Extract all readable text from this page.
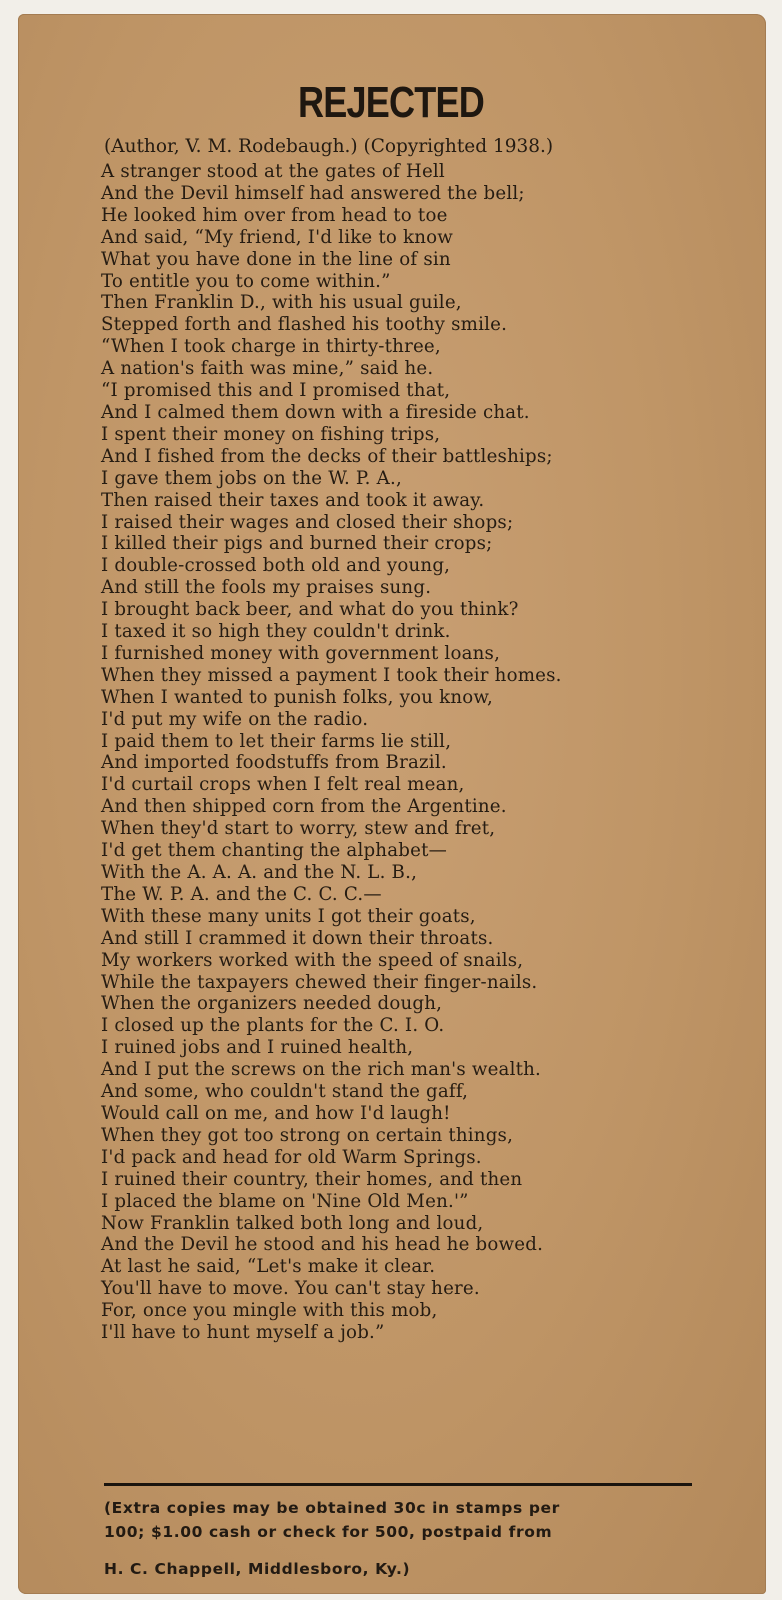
REJECTED
(Author, V. M. Rodebaugh.) (Copyrighted 1938.)
A stranger stood at the gates of Hell
And the Devil himself had answered the bell;
He looked him over from head to toe
And said, “My friend, I'd like to know
What you have done in the line of sin
To entitle you to come within.”
Then Franklin D., with his usual guile,
Stepped forth and flashed his toothy smile.
“When I took charge in thirty-three,
A nation's faith was mine,” said he.
“I promised this and I promised that,
And I calmed them down with a fireside chat.
I spent their money on fishing trips,
And I fished from the decks of their battleships;
I gave them jobs on the W. P. A.,
Then raised their taxes and took it away.
I raised their wages and closed their shops;
I killed their pigs and burned their crops;
I double-crossed both old and young,
And still the fools my praises sung.
I brought back beer, and what do you think?
I taxed it so high they couldn't drink.
I furnished money with government loans,
When they missed a payment I took their homes.
When I wanted to punish folks, you know,
I'd put my wife on the radio.
I paid them to let their farms lie still,
And imported foodstuffs from Brazil.
I'd curtail crops when I felt real mean,
And then shipped corn from the Argentine.
When they'd start to worry, stew and fret,
I'd get them chanting the alphabet—
With the A. A. A. and the N. L. B.,
The W. P. A. and the C. C. C.—
With these many units I got their goats,
And still I crammed it down their throats.
My workers worked with the speed of snails,
While the taxpayers chewed their finger-nails.
When the organizers needed dough,
I closed up the plants for the C. I. O.
I ruined jobs and I ruined health,
And I put the screws on the rich man's wealth.
And some, who couldn't stand the gaff,
Would call on me, and how I'd laugh!
When they got too strong on certain things,
I'd pack and head for old Warm Springs.
I ruined their country, their homes, and then
I placed the blame on 'Nine Old Men.'”
Now Franklin talked both long and loud,
And the Devil he stood and his head he bowed.
At last he said, “Let's make it clear.
You'll have to move. You can't stay here.
For, once you mingle with this mob,
I'll have to hunt myself a job.”
(Extra copies may be obtained 30c in stamps per
100; $1.00 cash or check for 500, postpaid from
H. C. Chappell, Middlesboro, Ky.)
